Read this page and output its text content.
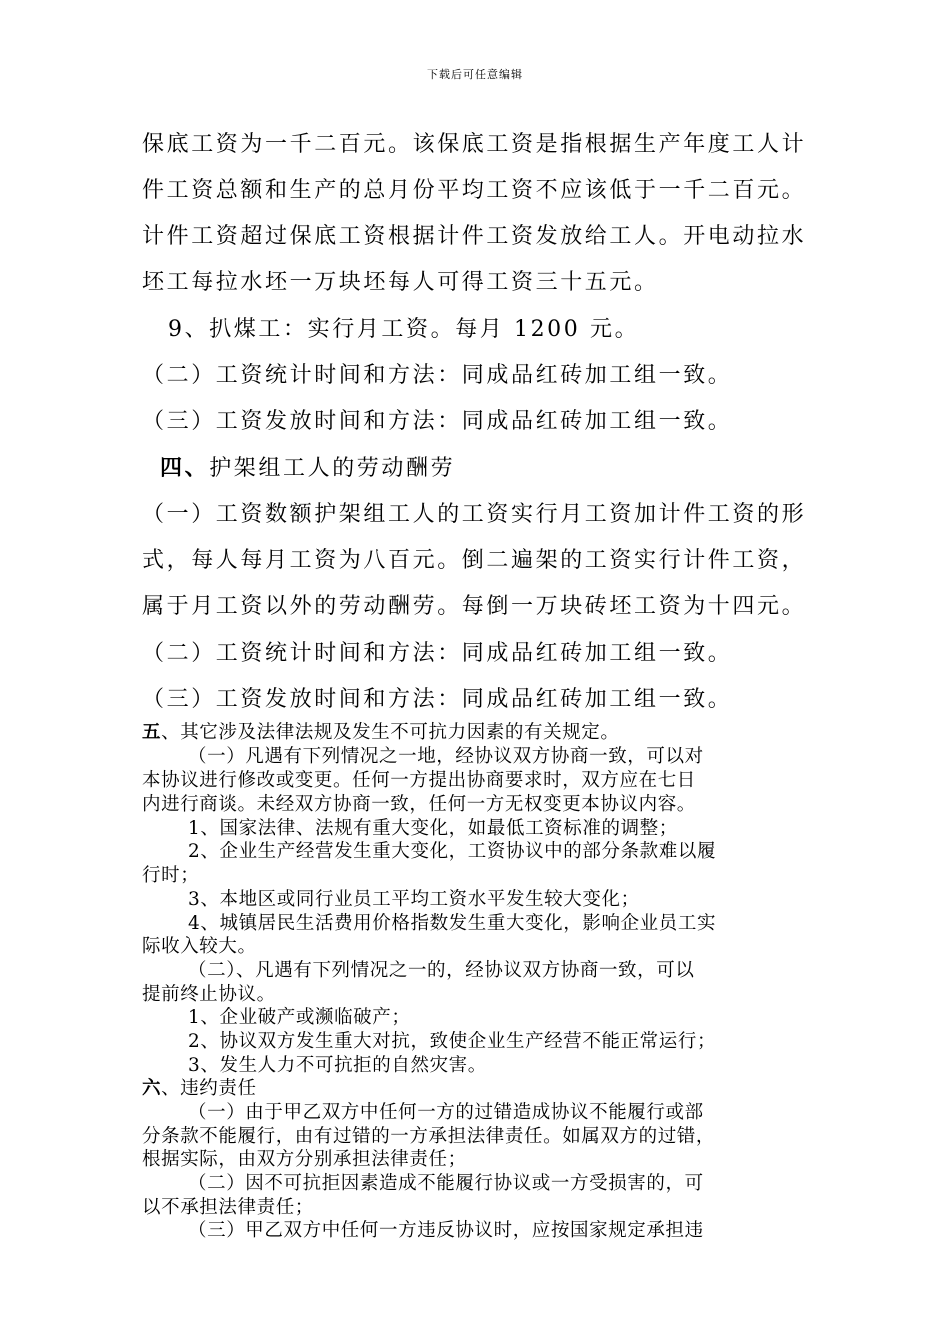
下载后可任意编辑
保底工资为一千二百元。该保底工资是指根据生产年度工人计
件工资总额和生产的总月份平均工资不应该低于一千二百元。
计件工资超过保底工资根据计件工资发放给工人。开电动拉水
坯工每拉水坯一万块坯每人可得工资三十五元。
9、扒煤工：实行月工资。每月 1200 元。
（二）工资统计时间和方法：同成品红砖加工组一致。
（三）工资发放时间和方法：同成品红砖加工组一致。
四、护架组工人的劳动酬劳
（一）工资数额护架组工人的工资实行月工资加计件工资的形
式，每人每月工资为八百元。倒二遍架的工资实行计件工资，
属于月工资以外的劳动酬劳。每倒一万块砖坯工资为十四元。
（二）工资统计时间和方法：同成品红砖加工组一致。
（三）工资发放时间和方法：同成品红砖加工组一致。
五、其它涉及法律法规及发生不可抗力因素的有关规定。
（一）凡遇有下列情况之一地，经协议双方协商一致，可以对
本协议进行修改或变更。任何一方提出协商要求时，双方应在七日
内进行商谈。未经双方协商一致，任何一方无权变更本协议内容。
1、国家法律、法规有重大变化，如最低工资标准的调整；
2、企业生产经营发生重大变化，工资协议中的部分条款难以履
行时；
3、本地区或同行业员工平均工资水平发生较大变化；
4、城镇居民生活费用价格指数发生重大变化，影响企业员工实
际收入较大。
（二）、凡遇有下列情况之一的，经协议双方协商一致，可以
提前终止协议。
1、企业破产或濒临破产；
2、协议双方发生重大对抗，致使企业生产经营不能正常运行；
3、发生人力不可抗拒的自然灾害。
六、违约责任
（一）由于甲乙双方中任何一方的过错造成协议不能履行或部
分条款不能履行，由有过错的一方承担法律责任。如属双方的过错，
根据实际，由双方分别承担法律责任；
（二）因不可抗拒因素造成不能履行协议或一方受损害的，可
以不承担法律责任；
（三）甲乙双方中任何一方违反协议时，应按国家规定承担违
